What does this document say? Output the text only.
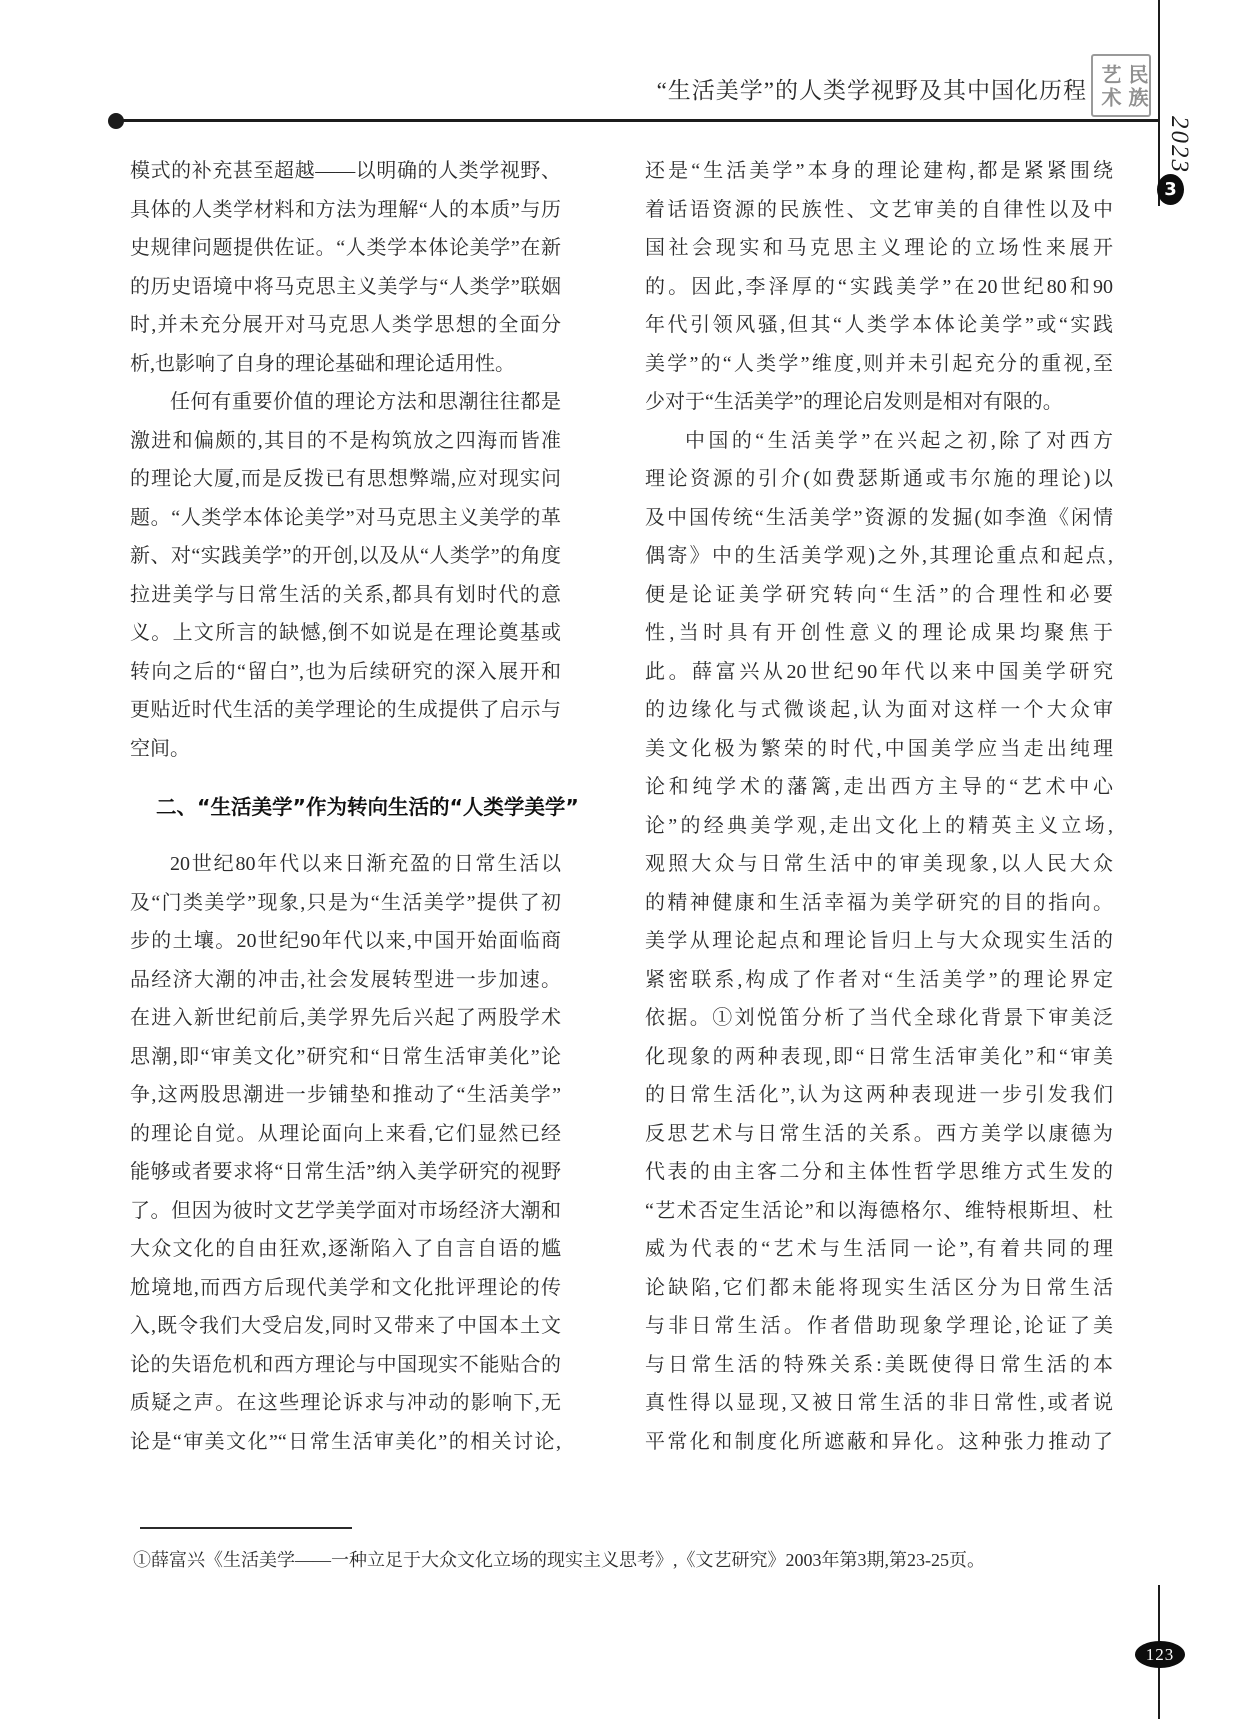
“生活美学”的人类学视野及其中国化历程	民族艺术
2023
3
模式的补充甚至超越——以明确的人类学视野、
具体的人类学材料和方法为理解“人的本质”与历
史规律问题提供佐证。“人类学本体论美学”在新
的历史语境中将马克思主义美学与“人类学”联姻
时,并未充分展开对马克思人类学思想的全面分
析,也影响了自身的理论基础和理论适用性。
任何有重要价值的理论方法和思潮往往都是
激进和偏颇的,其目的不是构筑放之四海而皆准
的理论大厦,而是反拨已有思想弊端,应对现实问
题。“人类学本体论美学”对马克思主义美学的革
新、对“实践美学”的开创,以及从“人类学”的角度
拉进美学与日常生活的关系,都具有划时代的意
义。上文所言的缺憾,倒不如说是在理论奠基或
转向之后的“留白”,也为后续研究的深入展开和
更贴近时代生活的美学理论的生成提供了启示与
空间。
二、“生活美学”作为转向生活的“人类学美学”
20世纪80年代以来日渐充盈的日常生活以
及“门类美学”现象,只是为“生活美学”提供了初
步的土壤。20世纪90年代以来,中国开始面临商
品经济大潮的冲击,社会发展转型进一步加速。
在进入新世纪前后,美学界先后兴起了两股学术
思潮,即“审美文化”研究和“日常生活审美化”论
争,这两股思潮进一步铺垫和推动了“生活美学”
的理论自觉。从理论面向上来看,它们显然已经
能够或者要求将“日常生活”纳入美学研究的视野
了。但因为彼时文艺学美学面对市场经济大潮和
大众文化的自由狂欢,逐渐陷入了自言自语的尴
尬境地,而西方后现代美学和文化批评理论的传
入,既令我们大受启发,同时又带来了中国本土文
论的失语危机和西方理论与中国现实不能贴合的
质疑之声。在这些理论诉求与冲动的影响下,无
论是“审美文化”“日常生活审美化”的相关讨论,
还是“生活美学”本身的理论建构,都是紧紧围绕
着话语资源的民族性、文艺审美的自律性以及中
国社会现实和马克思主义理论的立场性来展开
的。因此,李泽厚的“实践美学”在20世纪80和90
年代引领风骚,但其“人类学本体论美学”或“实践
美学”的“人类学”维度,则并未引起充分的重视,至
少对于“生活美学”的理论启发则是相对有限的。
中国的“生活美学”在兴起之初,除了对西方
理论资源的引介(如费瑟斯通或韦尔施的理论)以
及中国传统“生活美学”资源的发掘(如李渔《闲情
偶寄》中的生活美学观)之外,其理论重点和起点,
便是论证美学研究转向“生活”的合理性和必要
性,当时具有开创性意义的理论成果均聚焦于
此。薛富兴从20世纪90年代以来中国美学研究
的边缘化与式微谈起,认为面对这样一个大众审
美文化极为繁荣的时代,中国美学应当走出纯理
论和纯学术的藩篱,走出西方主导的“艺术中心
论”的经典美学观,走出文化上的精英主义立场,
观照大众与日常生活中的审美现象,以人民大众
的精神健康和生活幸福为美学研究的目的指向。
美学从理论起点和理论旨归上与大众现实生活的
紧密联系,构成了作者对“生活美学”的理论界定
依据。①刘悦笛分析了当代全球化背景下审美泛
化现象的两种表现,即“日常生活审美化”和“审美
的日常生活化”,认为这两种表现进一步引发我们
反思艺术与日常生活的关系。西方美学以康德为
代表的由主客二分和主体性哲学思维方式生发的
“艺术否定生活论”和以海德格尔、维特根斯坦、杜
威为代表的“艺术与生活同一论”,有着共同的理
论缺陷,它们都未能将现实生活区分为日常生活
与非日常生活。作者借助现象学理论,论证了美
与日常生活的特殊关系:美既使得日常生活的本
真性得以显现,又被日常生活的非日常性,或者说
平常化和制度化所遮蔽和异化。这种张力推动了
①薛富兴《生活美学——一种立足于大众文化立场的现实主义思考》,《文艺研究》2003年第3期,第23-25页。
123
